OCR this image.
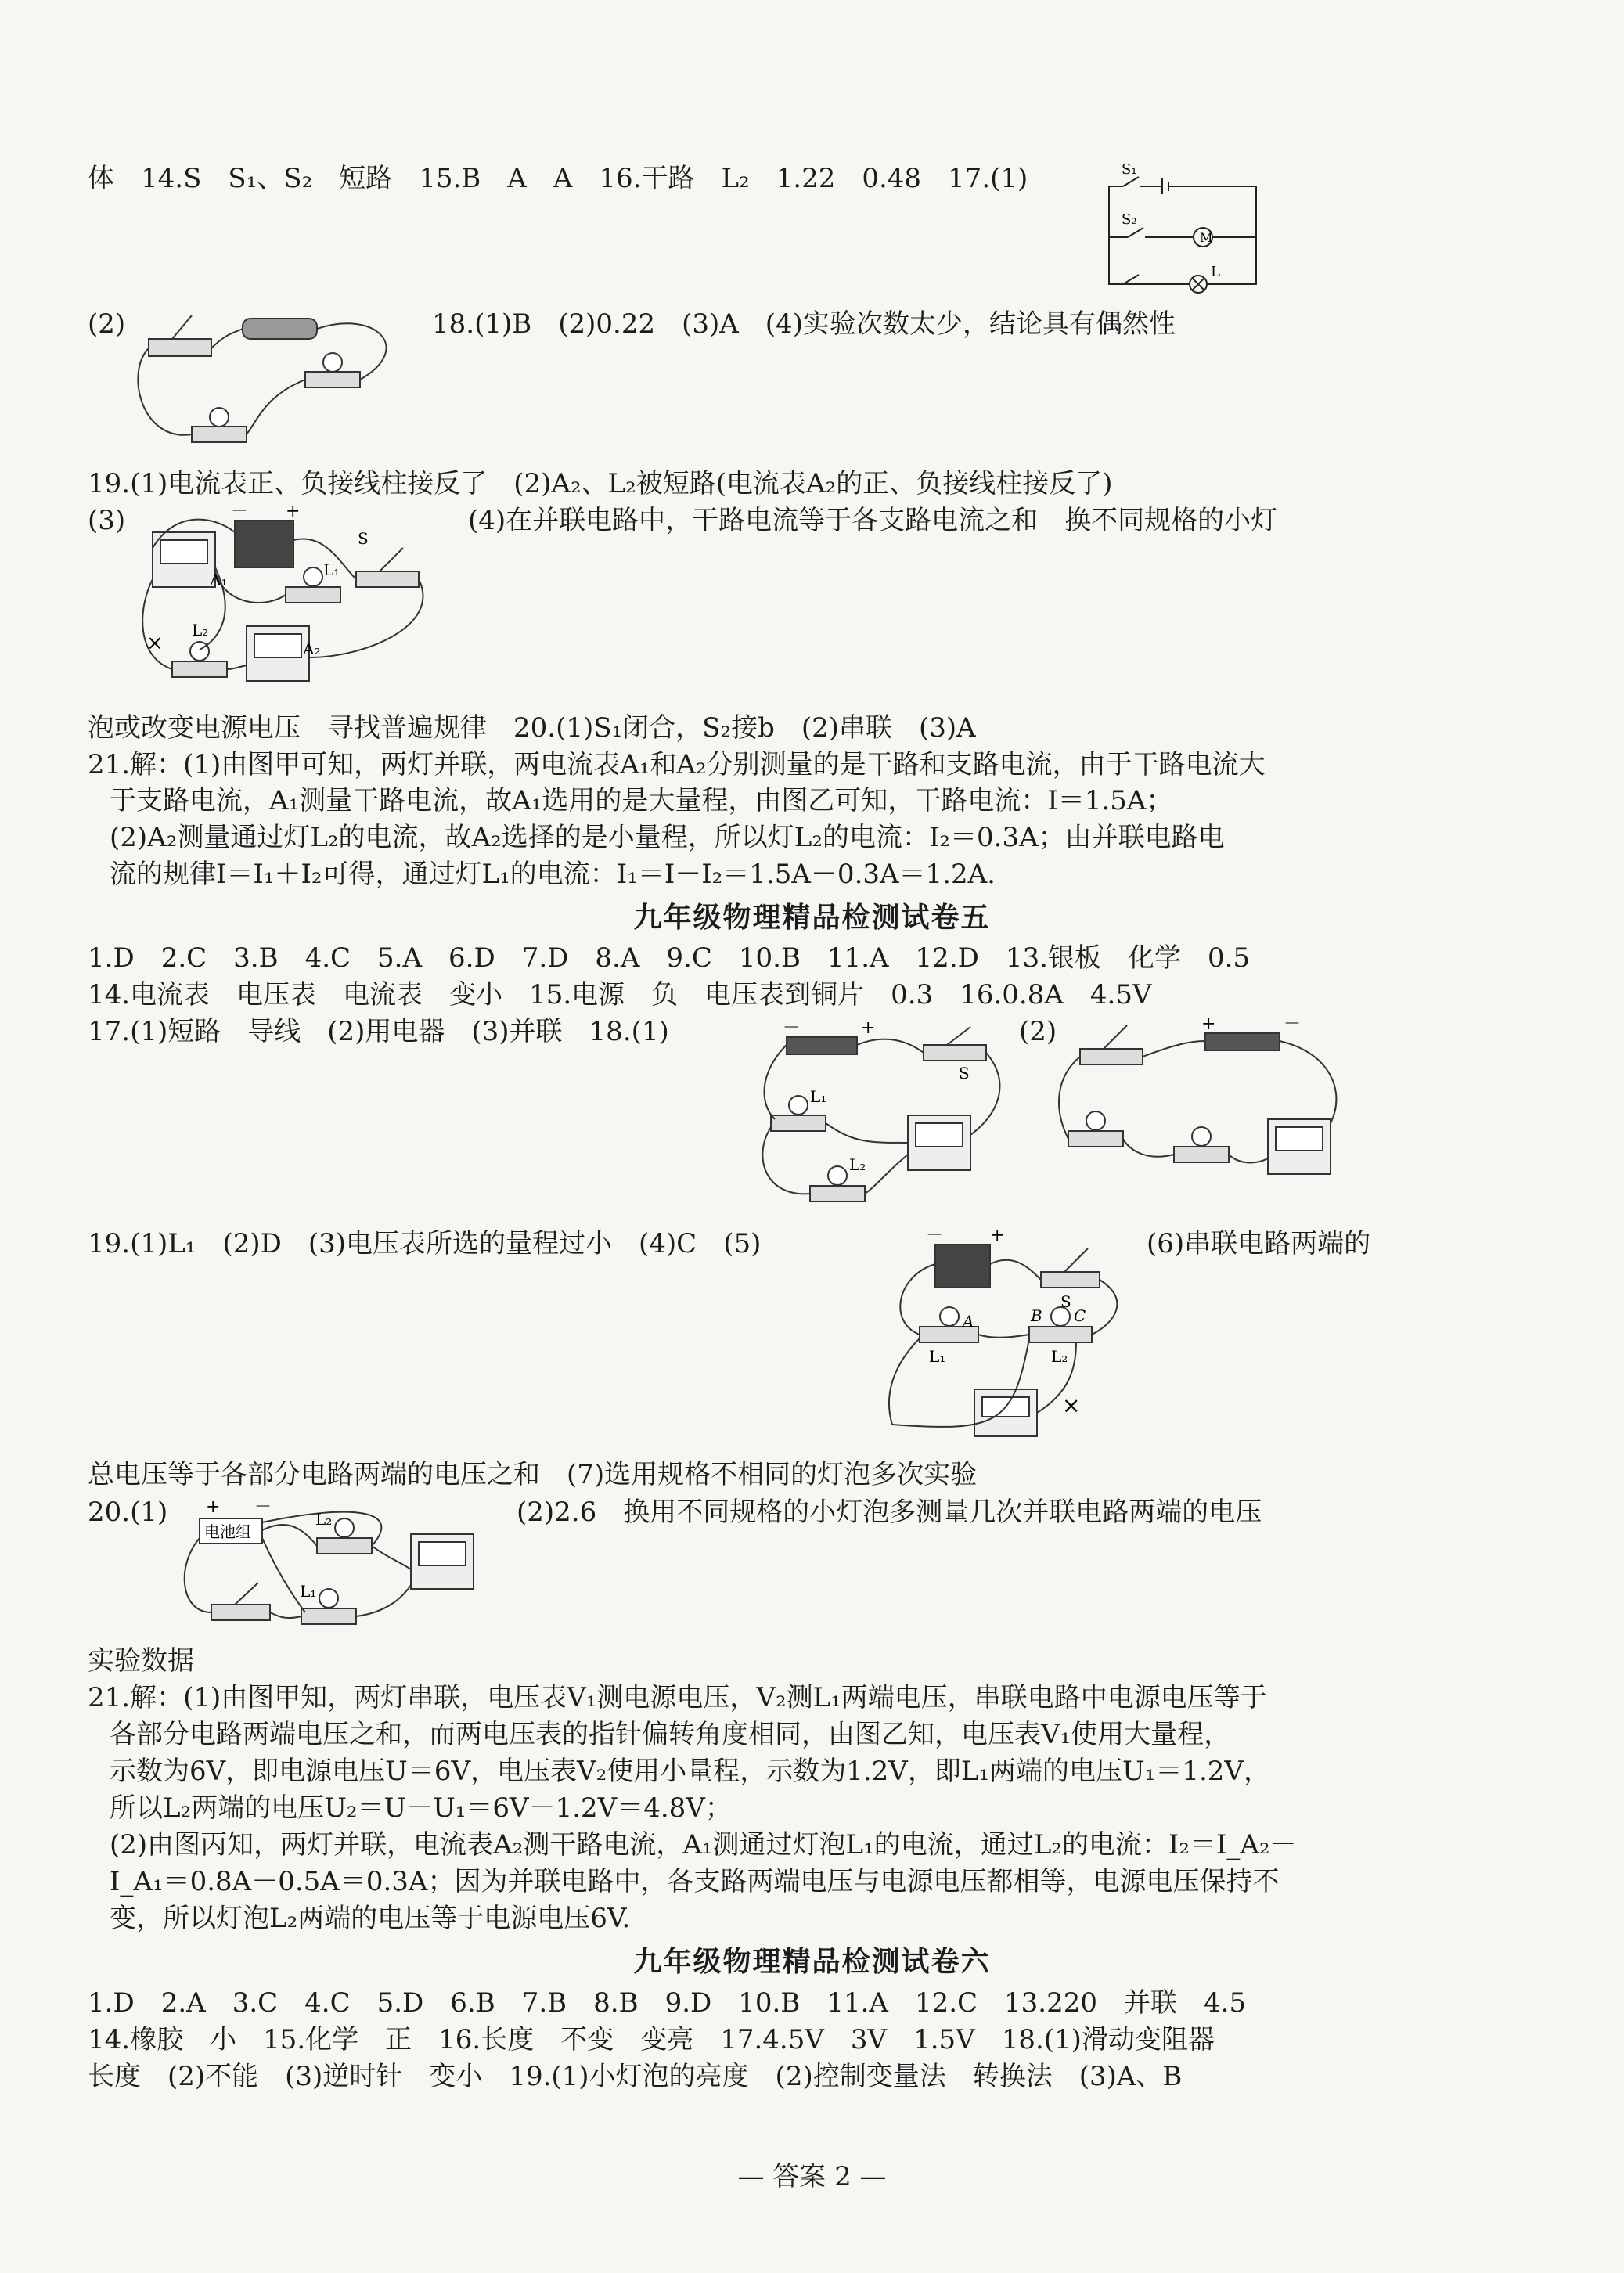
体　14.S　S₁、S₂　短路　15.B　A　A　16.干路　L₂　1.22　0.48　17.(1)
M
S₁
S₂
L
(2)	18.(1)B　(2)0.22　(3)A　(4)实验次数太少，结论具有偶然性
19.(1)电流表正、负接线柱接反了　(2)A₂、L₂被短路(电流表A₂的正、负接线柱接反了)
(3)	(4)在并联电路中，干路电流等于各支路电流之和　换不同规格的小灯
A₁
A₂
L₁
L₂
S
－ +
×
泡或改变电源电压　寻找普遍规律　20.(1)S₁闭合，S₂接b　(2)串联　(3)A
21.解：(1)由图甲可知，两灯并联，两电流表A₁和A₂分别测量的是干路和支路电流，由于干路电流大
于支路电流，A₁测量干路电流，故A₁选用的是大量程，由图乙可知，干路电流：I＝1.5A；
(2)A₂测量通过灯L₂的电流，故A₂选择的是小量程，所以灯L₂的电流：I₂＝0.3A；由并联电路电
流的规律I＝I₁＋I₂可得，通过灯L₁的电流：I₁＝I－I₂＝1.5A－0.3A＝1.2A.
九年级物理精品检测试卷五
1.D　2.C　3.B　4.C　5.A　6.D　7.D　8.A　9.C　10.B　11.A　12.D　13.银板　化学　0.5
14.电流表　电压表　电流表　变小　15.电源　负　电压表到铜片　0.3　16.0.8A　4.5V
17.(1)短路　导线　(2)用电器　(3)并联　18.(1)	(2)
L₁
L₂
S
－	+	+	－
19.(1)L₁　(2)D　(3)电压表所选的量程过小　(4)C　(5)	(6)串联电路两端的
A	B C
L₁	L₂
S
－	+
×
总电压等于各部分电路两端的电压之和　(7)选用规格不相同的灯泡多次实验
20.(1)	(2)2.6　换用不同规格的小灯泡多测量几次并联电路两端的电压
电池组
L₂
L₁
+ －
实验数据
21.解：(1)由图甲知，两灯串联，电压表V₁测电源电压，V₂测L₁两端电压，串联电路中电源电压等于
各部分电路两端电压之和，而两电压表的指针偏转角度相同，由图乙知，电压表V₁使用大量程，
示数为6V，即电源电压U＝6V，电压表V₂使用小量程，示数为1.2V，即L₁两端的电压U₁＝1.2V，
所以L₂两端的电压U₂＝U－U₁＝6V－1.2V＝4.8V；
(2)由图丙知，两灯并联，电流表A₂测干路电流，A₁测通过灯泡L₁的电流，通过L₂的电流：I₂＝I_A₂－
I_A₁＝0.8A－0.5A＝0.3A；因为并联电路中，各支路两端电压与电源电压都相等，电源电压保持不
变，所以灯泡L₂两端的电压等于电源电压6V.
九年级物理精品检测试卷六
1.D　2.A　3.C　4.C　5.D　6.B　7.B　8.B　9.D　10.B　11.A　12.C　13.220　并联　4.5
14.橡胶　小　15.化学　正　16.长度　不变　变亮　17.4.5V　3V　1.5V　18.(1)滑动变阻器
长度　(2)不能　(3)逆时针　变小　19.(1)小灯泡的亮度　(2)控制变量法　转换法　(3)A、B
— 答案 2 —
